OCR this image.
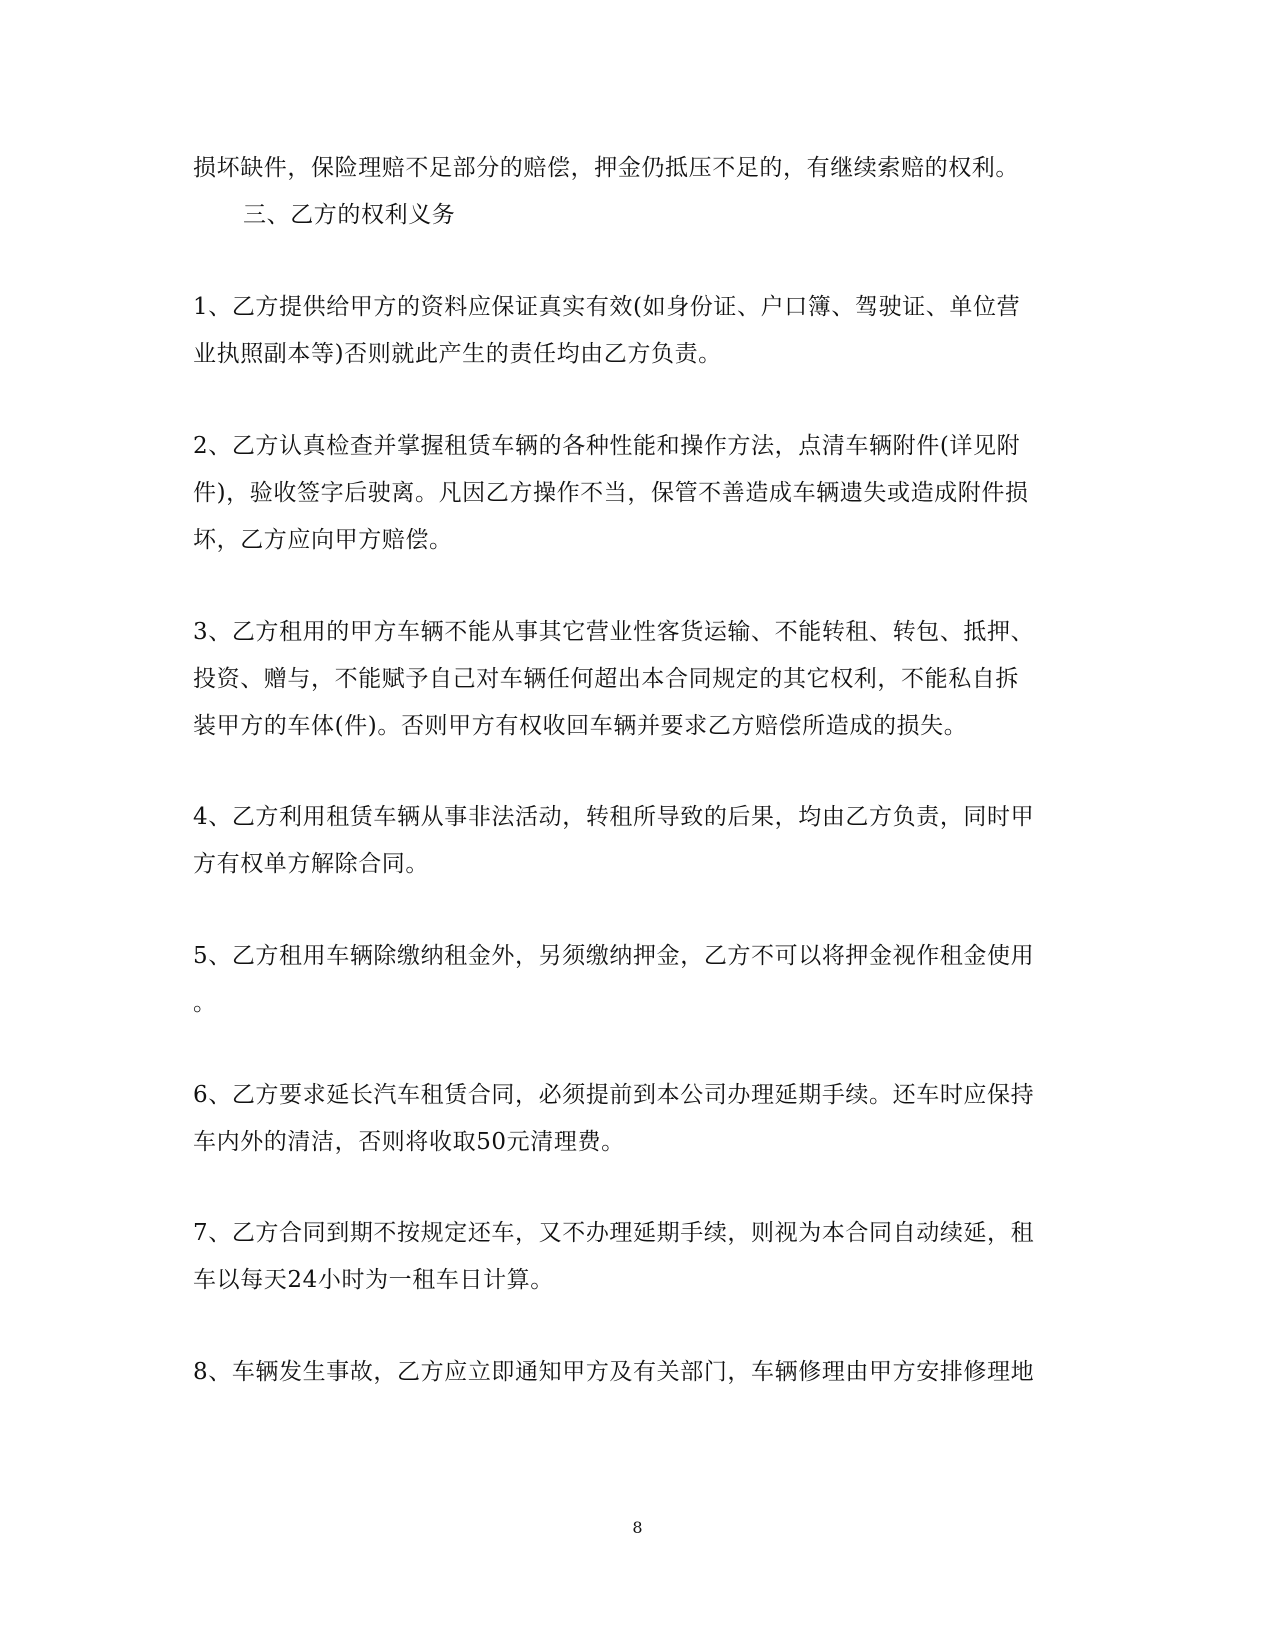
损坏缺件，保险理赔不足部分的赔偿，押金仍抵压不足的，有继续索赔的权利。
三、乙方的权利义务
1、乙方提供给甲方的资料应保证真实有效(如身份证、户口簿、驾驶证、单位营
业执照副本等)否则就此产生的责任均由乙方负责。
2、乙方认真检查并掌握租赁车辆的各种性能和操作方法，点清车辆附件(详见附
件)，验收签字后驶离。凡因乙方操作不当，保管不善造成车辆遗失或造成附件损
坏，乙方应向甲方赔偿。
3、乙方租用的甲方车辆不能从事其它营业性客货运输、不能转租、转包、抵押、
投资、赠与，不能赋予自己对车辆任何超出本合同规定的其它权利，不能私自拆
装甲方的车体(件)。否则甲方有权收回车辆并要求乙方赔偿所造成的损失。
4、乙方利用租赁车辆从事非法活动，转租所导致的后果，均由乙方负责，同时甲
方有权单方解除合同。
5、乙方租用车辆除缴纳租金外，另须缴纳押金，乙方不可以将押金视作租金使用
。
6、乙方要求延长汽车租赁合同，必须提前到本公司办理延期手续。还车时应保持
车内外的清洁，否则将收取50元清理费。
7、乙方合同到期不按规定还车，又不办理延期手续，则视为本合同自动续延，租
车以每天24小时为一租车日计算。
8、车辆发生事故，乙方应立即通知甲方及有关部门，车辆修理由甲方安排修理地
8
